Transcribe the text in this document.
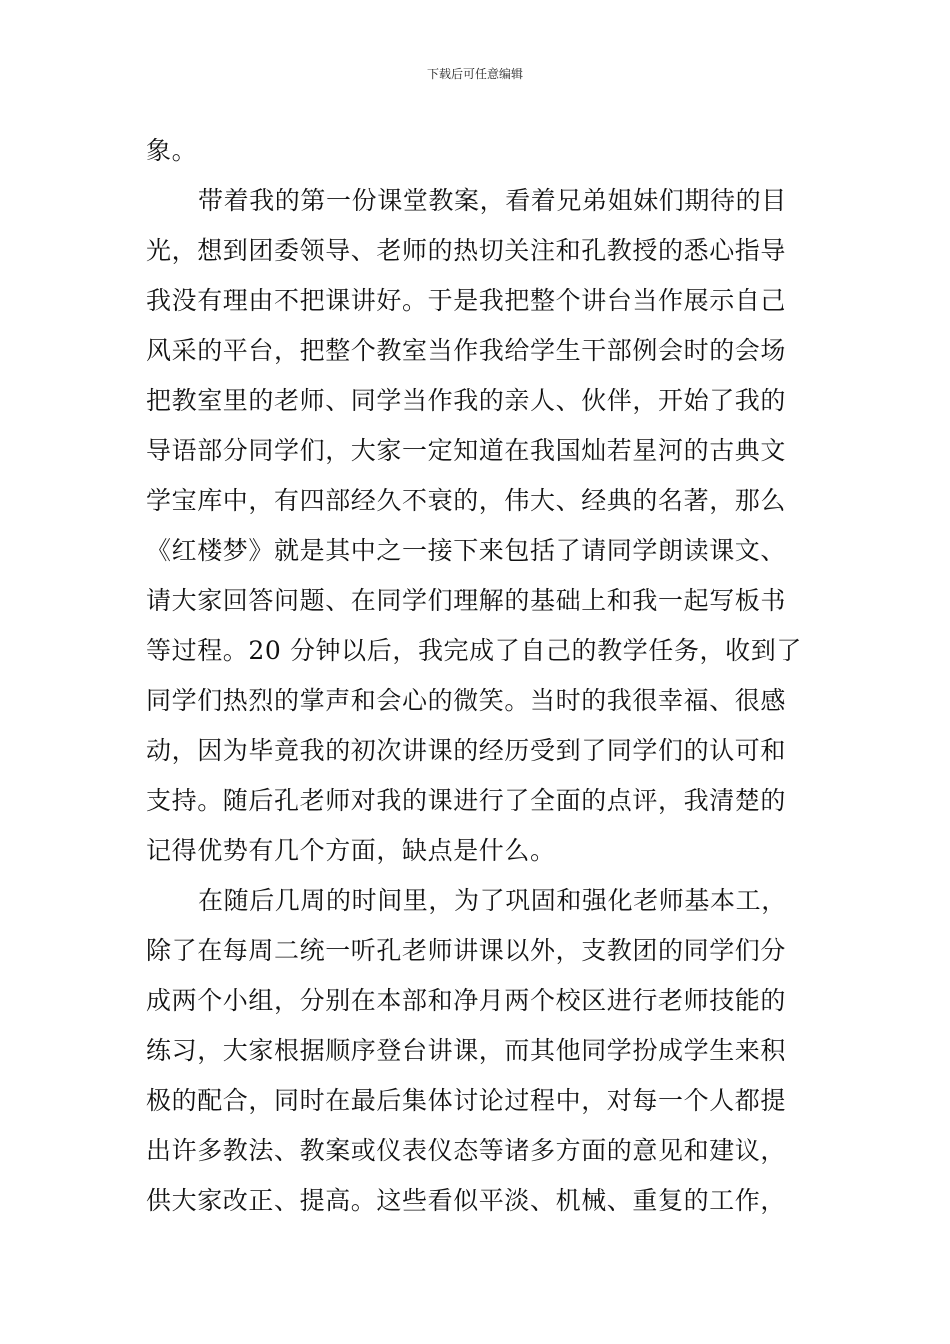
下载后可任意编辑
象。
带着我的第一份课堂教案，看着兄弟姐妹们期待的目
光，想到团委领导、老师的热切关注和孔教授的悉心指导
我没有理由不把课讲好。于是我把整个讲台当作展示自己
风采的平台，把整个教室当作我给学生干部例会时的会场
把教室里的老师、同学当作我的亲人、伙伴，开始了我的
导语部分同学们，大家一定知道在我国灿若星河的古典文
学宝库中，有四部经久不衰的，伟大、经典的名著，那么
《红楼梦》就是其中之一接下来包括了请同学朗读课文、
请大家回答问题、在同学们理解的基础上和我一起写板书
等过程。20 分钟以后，我完成了自己的教学任务，收到了
同学们热烈的掌声和会心的微笑。当时的我很幸福、很感
动，因为毕竟我的初次讲课的经历受到了同学们的认可和
支持。随后孔老师对我的课进行了全面的点评，我清楚的
记得优势有几个方面，缺点是什么。
在随后几周的时间里，为了巩固和强化老师基本工，
除了在每周二统一听孔老师讲课以外，支教团的同学们分
成两个小组，分别在本部和净月两个校区进行老师技能的
练习，大家根据顺序登台讲课，而其他同学扮成学生来积
极的配合，同时在最后集体讨论过程中，对每一个人都提
出许多教法、教案或仪表仪态等诸多方面的意见和建议，
供大家改正、提高。这些看似平淡、机械、重复的工作，
